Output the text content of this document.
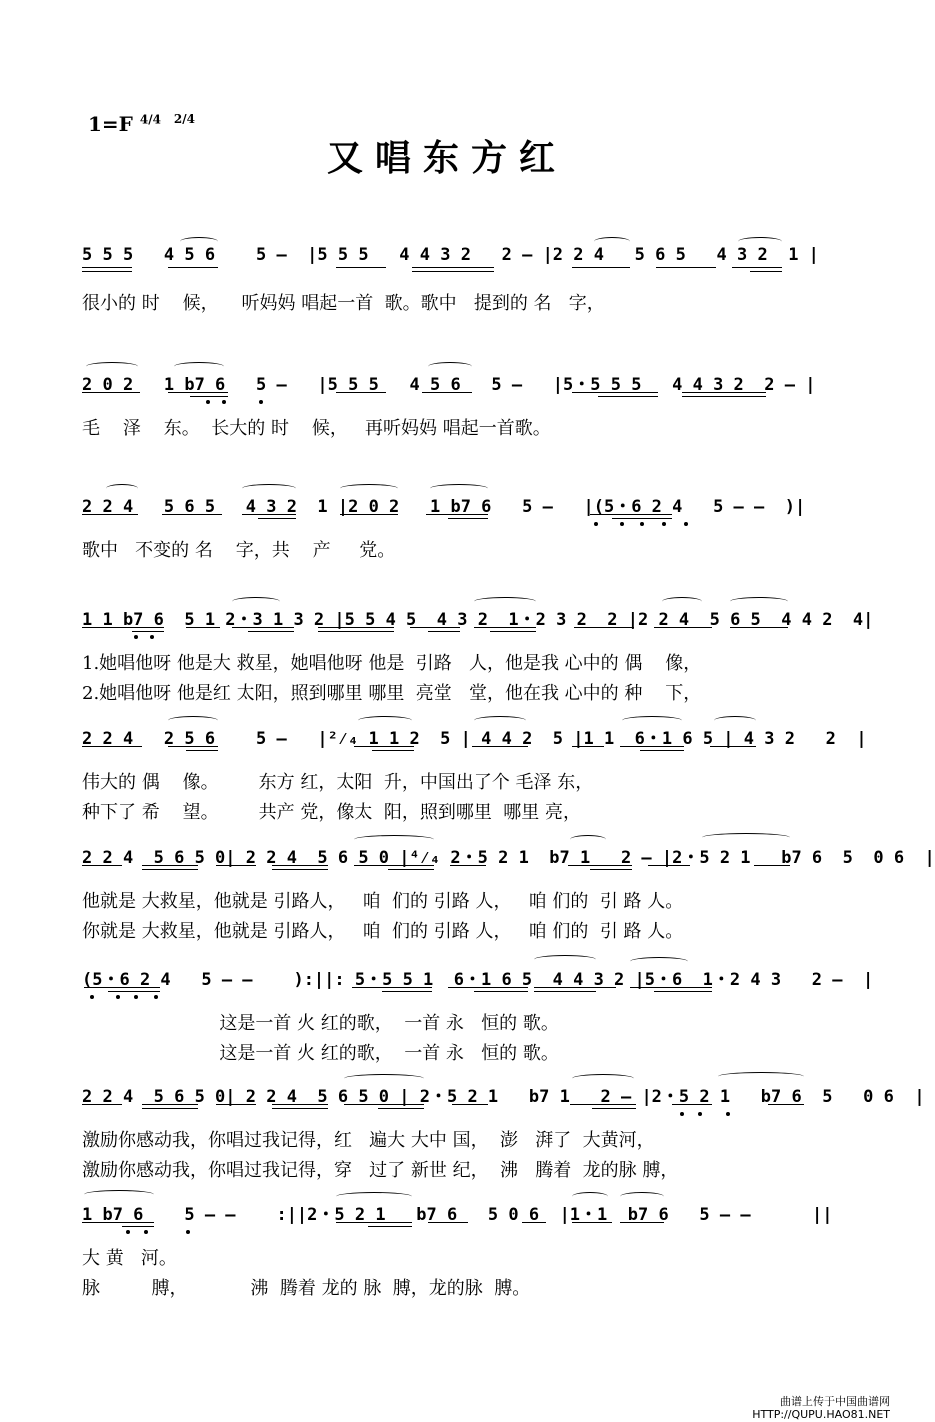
1=F $^{4/4}$ $^{2/4}$
又唱东方红
5 5 5   4 5 6    5 —  |5 5 5   4 4 3 2   2 — |2 2 4   5 6 5   4 3 2  1 |
很小的 时    候，    听妈妈 唱起一首  歌。歌中   提到的 名   字，
2 0 2   1 b7 6   5 —   |5 5 5   4 5 6   5 —   |5・5 5 5   4 4 3 2  2 — |
毛    泽    东。  长大的 时    候，   再听妈妈 唱起一首歌。
2 2 4   5 6 5   4 3 2  1 |2 0 2   1 b7 6   5 —   |(5・6 2 4   5 — —  )|
歌中   不变的 名    字，共    产     党。
1 1 b7 6  5 1 2・3 1 3 2 |5 5 4 5  4 3 2  1・2 3 2  2 |2 2 4  5 6 5  4 4 2  4|
1.她唱他呀 他是大 救星，她唱他呀 他是  引路   人，他是我 心中的 偶    像，
2.她唱他呀 他是红 太阳，照到哪里 哪里  亮堂   堂，他在我 心中的 种    下，
2 2 4   2 5 6    5 —   |²⁄₄ 1 1 2  5 | 4 4 2  5 |1 1  6・1 6 5 | 4 3 2   2  |
伟大的 偶    像。       东方 红，太阳  升，中国出了个 毛泽 东，
种下了 希    望。       共产 党，像太  阳，照到哪里  哪里 亮，
2 2 4  5 6 5 0| 2 2 4  5 6 5 0 |⁴⁄₄ 2・5 2 1  b7 1   2 — |2・5 2 1   b7 6  5  0 6  |
他就是 大救星，他就是 引路人，   咱  们的 引路 人，   咱 们的  引 路 人。
你就是 大救星，他就是 引路人，   咱  们的 引路 人，   咱 们的  引 路 人。
(5・6 2 4   5 — —    ):||: 5・5 5 1  6・1 6 5  4 4 3 2 |5・6  1・2 4 3   2 —  |
这是一首 火 红的歌，  一首 永   恒的 歌。
这是一首 火 红的歌，  一首 永   恒的 歌。
2 2 4  5 6 5 0| 2 2 4  5 6 5 0 | 2・5 2 1   b7 1   2 — |2・5 2 1   b7 6  5   0 6  |
激励你感动我，你唱过我记得，红   遍大 大中 国，  澎   湃了  大黄河，
激励你感动我，你唱过我记得，穿   过了 新世 纪，  沸   腾着  龙的脉 膊，
1 b7 6    5 — —    :||2・5 2 1   b7 6   5 0 6  |1・1  b7 6   5 — —      ||
大 黄   河。
脉         膊，           沸  腾着 龙的 脉  膊，龙的脉  膊。
曲谱上传于中国曲谱网
HTTP://QUPU.HAO81.NET
